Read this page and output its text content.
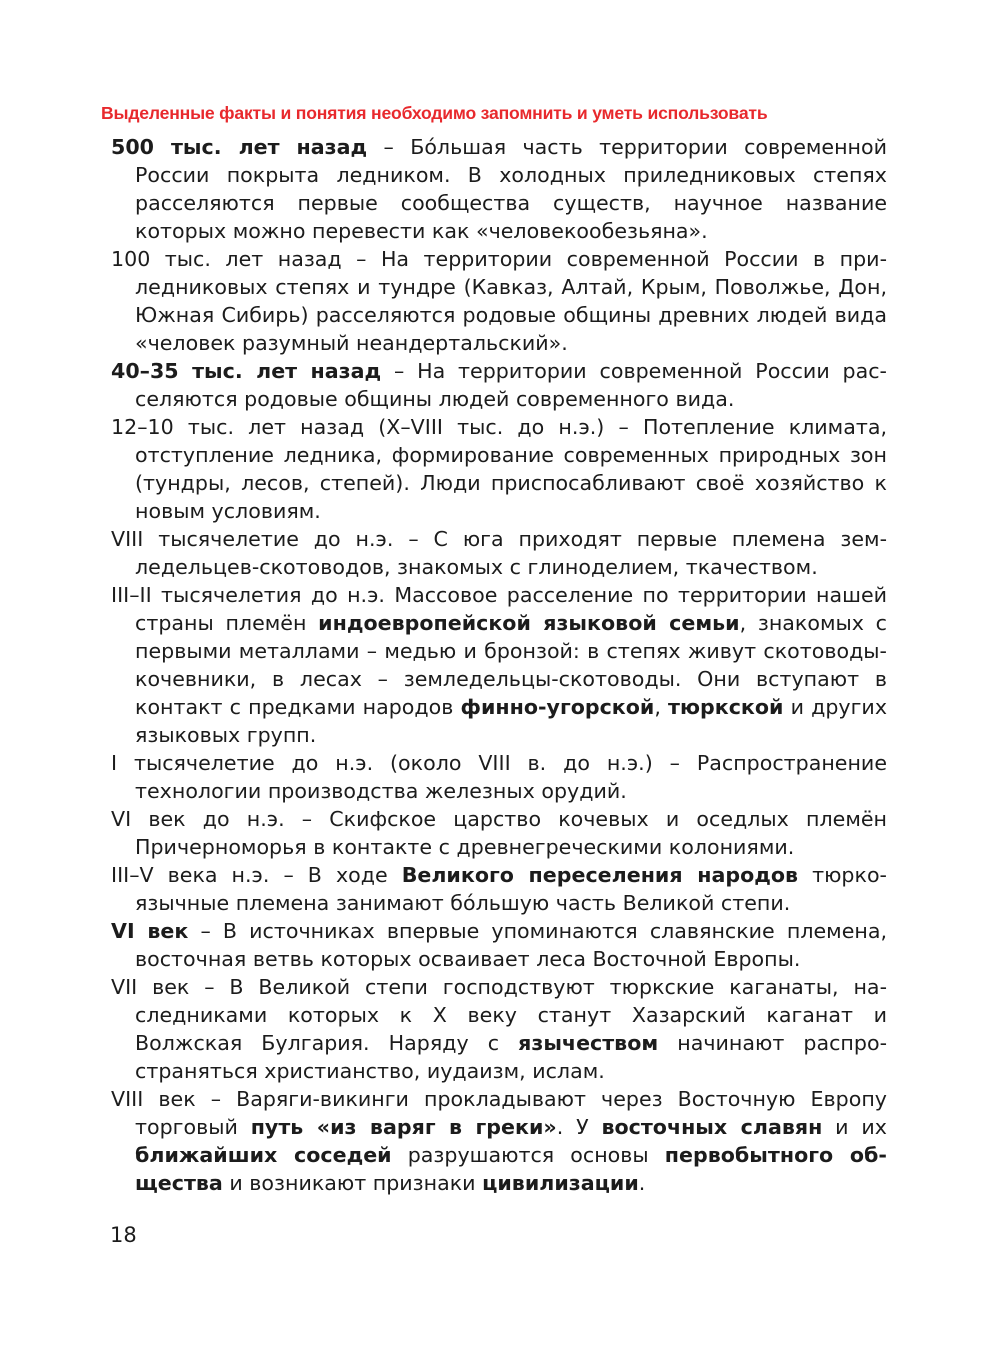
Выделенные факты и понятия необходимо запомнить и уметь использовать

500 тыс. лет назад – Бóльшая часть территории современной России покрыта ледником. В холодных приледниковых степях расселяются первые сообщества существ, научное название которых можно перевести как «человекообезьяна».

100 тыс. лет назад – На территории современной России в приледниковых степях и тундре (Кавказ, Алтай, Крым, Поволжье, Дон, Южная Сибирь) расселяются родовые общины древних людей вида «человек разумный неандертальский».

40–35 тыс. лет назад – На территории современной России расселяются родовые общины людей современного вида.

12–10 тыс. лет назад (X–VIII тыс. до н.э.) – Потепление климата, отступление ледника, формирование современных природных зон (тундры, лесов, степей). Люди приспосабливают своё хозяйство к новым условиям.

VIII тысячелетие до н.э. – С юга приходят первые племена земледельцев-скотоводов, знакомых с глиноделием, ткачеством.

III–II тысячелетия до н.э. Массовое расселение по территории нашей страны племён индоевропейской языковой семьи, знакомых с первыми металлами – медью и бронзой: в степях живут скотоводы-кочевники, в лесах – земледельцы-скотоводы. Они вступают в контакт с предками народов финно-угорской, тюркской и других языковых групп.

I тысячелетие до н.э. (около VIII в. до н.э.) – Распространение технологии производства железных орудий.

VI век до н.э. – Скифское царство кочевых и оседлых племён Причерноморья в контакте с древнегреческими колониями.

III–V века н.э. – В ходе Великого переселения народов тюркоязычные племена занимают бóльшую часть Великой степи.

VI век – В источниках впервые упоминаются славянские племена, восточная ветвь которых осваивает леса Восточной Европы.

VII век – В Великой степи господствуют тюркские каганаты, наследниками которых к X веку станут Хазарский каганат и Волжская Булгария. Наряду с язычеством начинают распространяться христианство, иудаизм, ислам.

VIII век – Варяги-викинги прокладывают через Восточную Европу торговый путь «из варяг в греки». У восточных славян и их ближайших соседей разрушаются основы первобытного общества и возникают признаки цивилизации.

18
